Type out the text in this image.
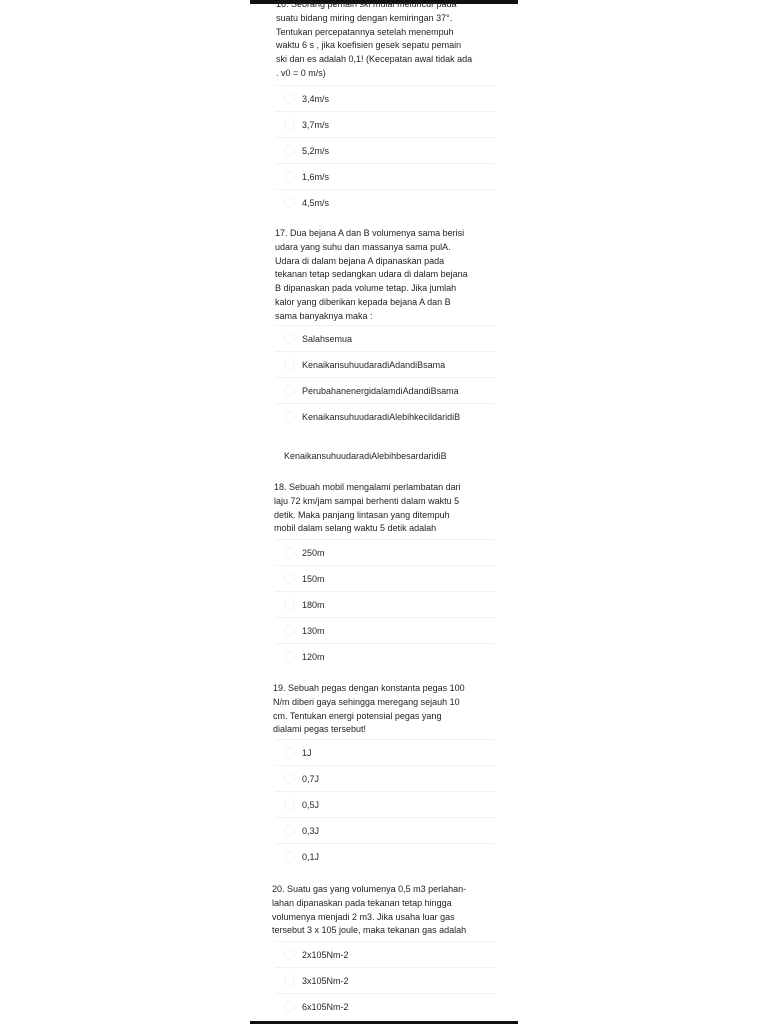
16. Seorang pemain ski mulai meluncur pada
suatu bidang miring dengan kemiringan 37°.
Tentukan percepatannya setelah menempuh
waktu 6 s , jika koefisien gesek sepatu pemain
ski dan es adalah 0,1! (Kecepatan awal tidak ada
. v0 = 0 m/s)
3,4m/s
3,7m/s
5,2m/s
1,6m/s
4,5m/s
17. Dua bejana A dan B volumenya sama berisi
udara yang suhu dan massanya sama pulA.
Udara di dalam bejana A dipanaskan pada
tekanan tetap sedangkan udara di dalam bejana
B dipanaskan pada volume tetap. Jika jumlah
kalor yang diberikan kepada bejana A dan B
sama banyaknya maka :
Salahsemua
KenaikansuhuudaradiAdandiBsama
PerubahanenergidalamdiAdandiBsama
KenaikansuhuudaradiAlebihkecildaridiB
KenaikansuhuudaradiAlebihbesardaridiB
18. Sebuah mobil mengalami perlambatan dari
laju 72 km/jam sampai berhenti dalam waktu 5
detik. Maka panjang lintasan yang ditempuh
mobil dalam selang waktu 5 detik adalah
250m
150m
180m
130m
120m
19. Sebuah pegas dengan konstanta pegas 100
N/m diberi gaya sehingga meregang sejauh 10
cm. Tentukan energi potensial pegas yang
dialami pegas tersebut!
1J
0,7J
0,5J
0,3J
0,1J
20. Suatu gas yang volumenya 0,5 m3 perlahan-
lahan dipanaskan pada tekanan tetap hingga
volumenya menjadi 2 m3. Jika usaha luar gas
tersebut 3 x 105 joule, maka tekanan gas adalah
2x105Nm-2
3x105Nm-2
6x105Nm-2
